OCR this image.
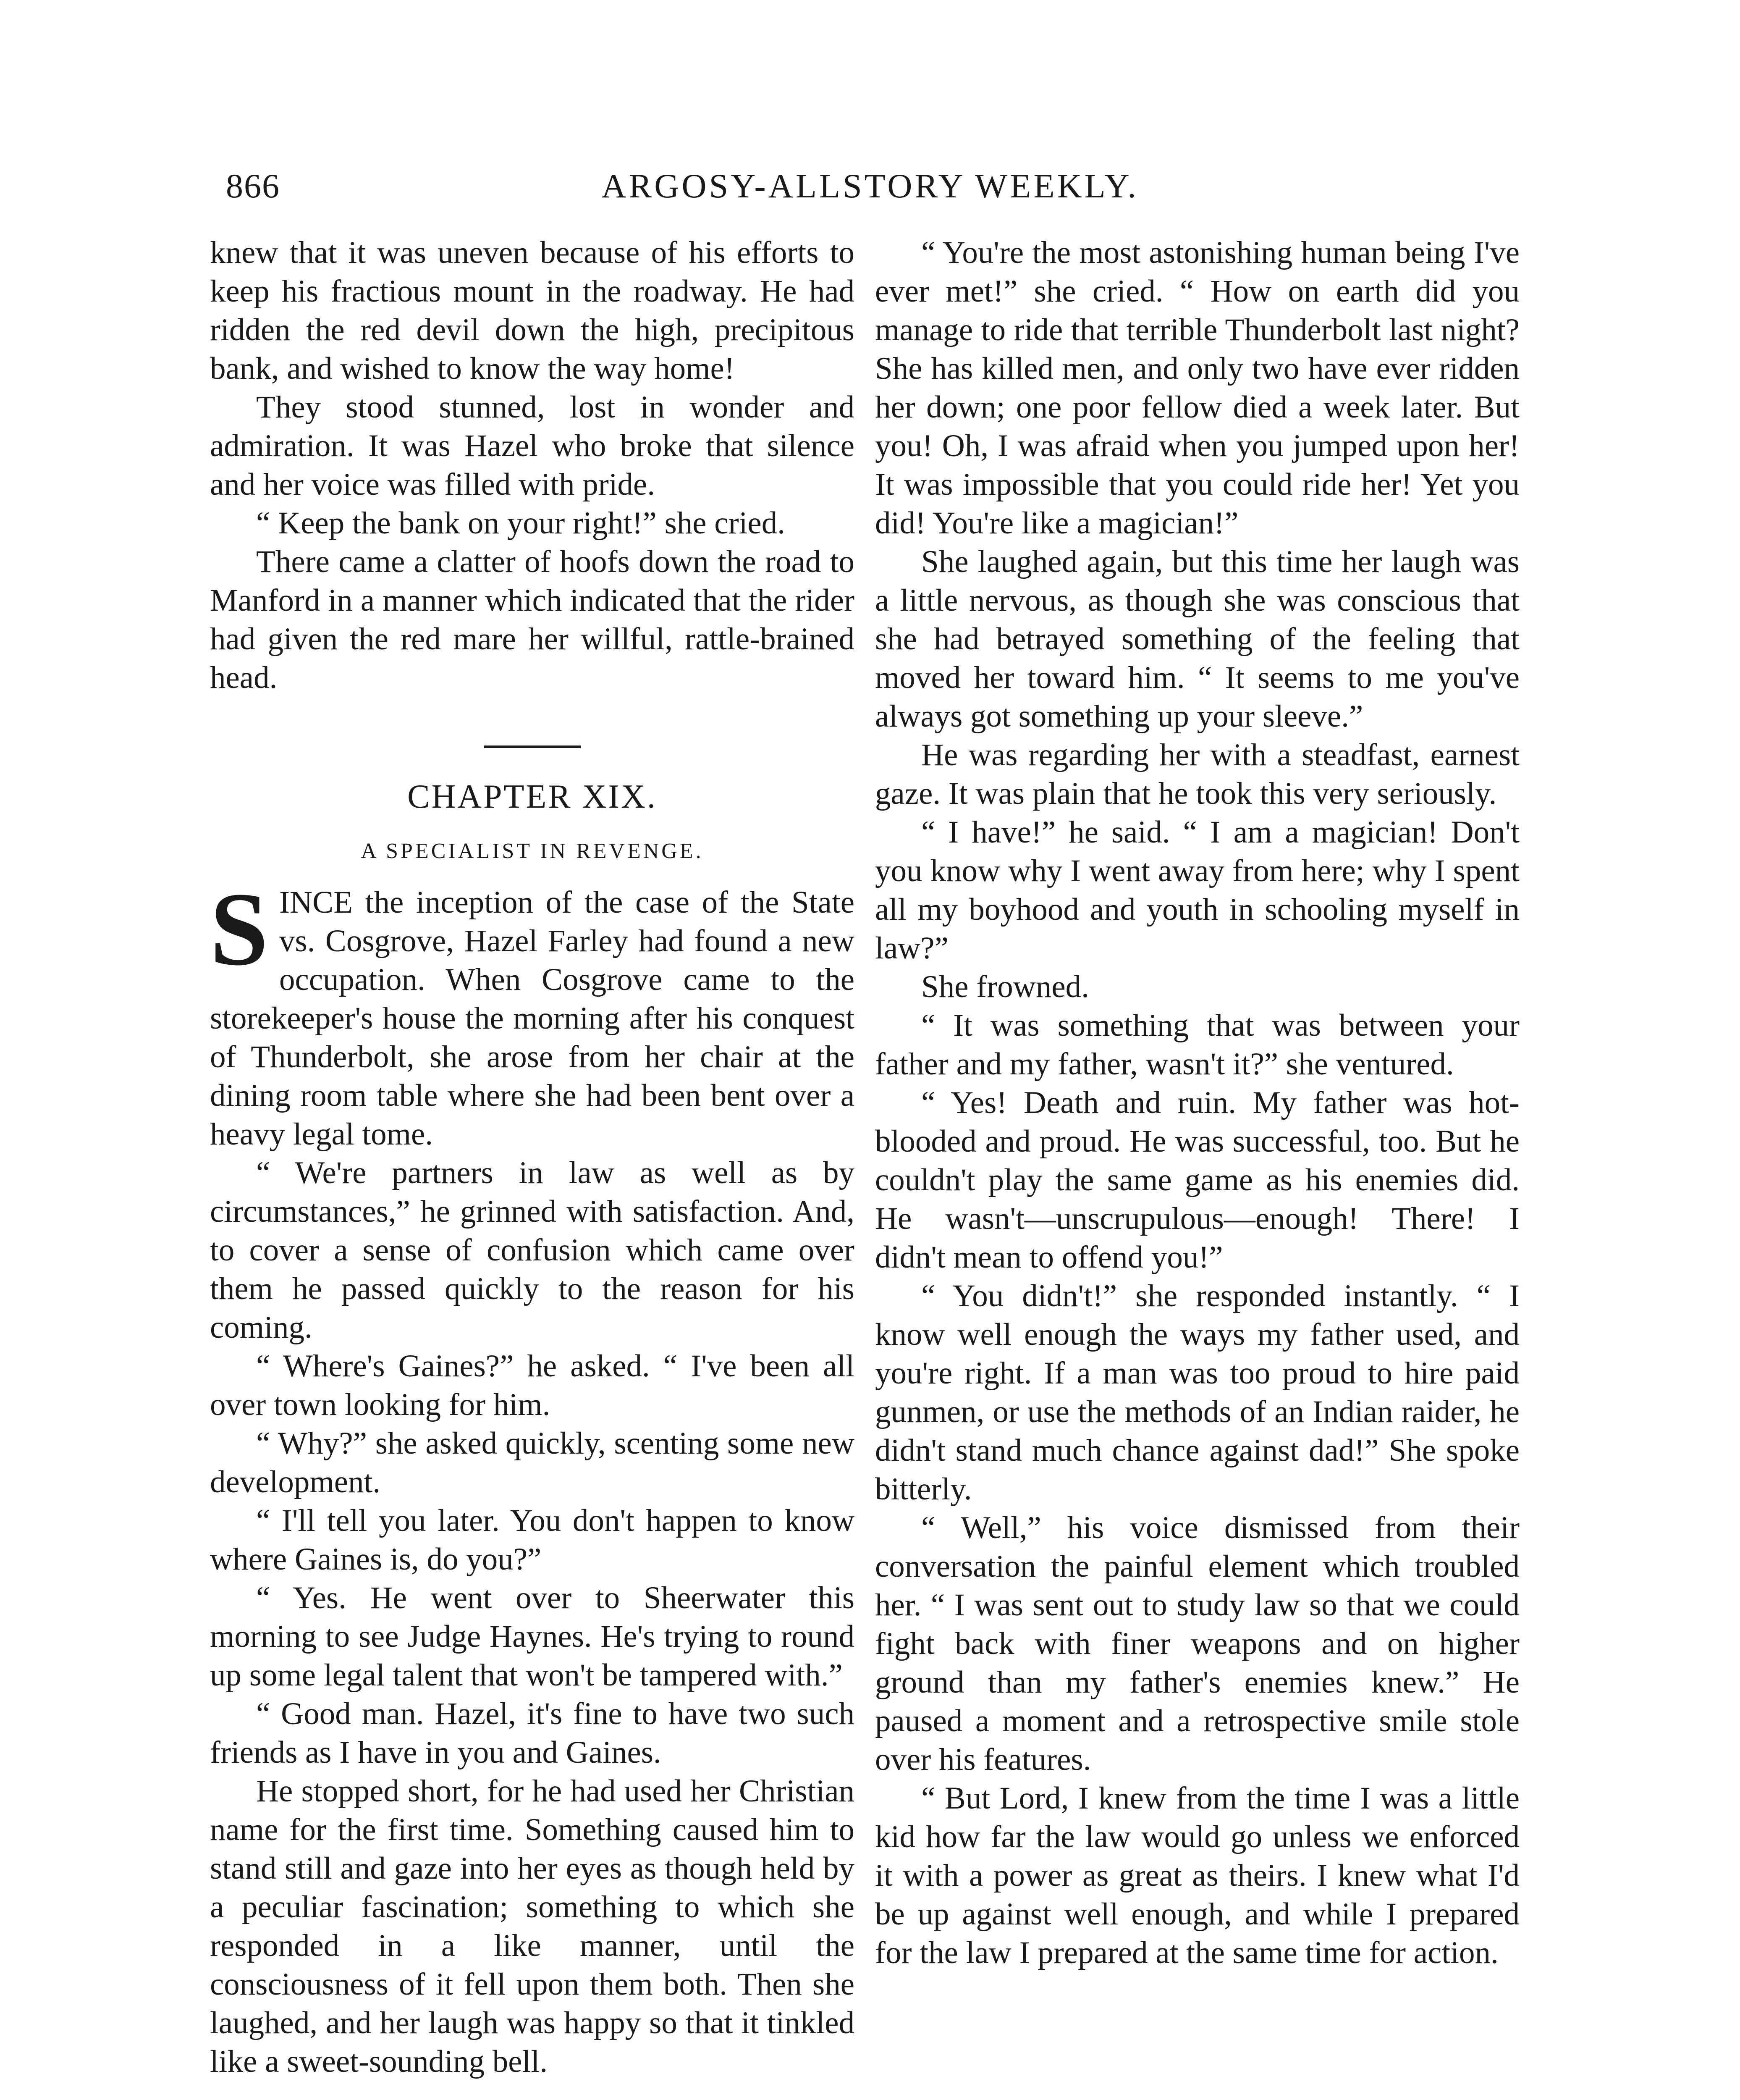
866	ARGOSY-ALLSTORY WEEKLY.

knew that it was uneven because of his efforts to keep his fractious mount in the roadway. He had ridden the red devil down the high, precipitous bank, and wished to know the way home!

They stood stunned, lost in wonder and admiration. It was Hazel who broke that silence and her voice was filled with pride.

“ Keep the bank on your right!” she cried.

There came a clatter of hoofs down the road to Manford in a manner which indicated that the rider had given the red mare her willful, rattle-brained head.

CHAPTER XIX.
A SPECIALIST IN REVENGE.

SINCE the inception of the case of the State vs. Cosgrove, Hazel Farley had found a new occupation. When Cosgrove came to the storekeeper's house the morning after his conquest of Thunderbolt, she arose from her chair at the dining room table where she had been bent over a heavy legal tome.

“ We're partners in law as well as by circumstances,” he grinned with satisfaction. And, to cover a sense of confusion which came over them he passed quickly to the reason for his coming.

“ Where's Gaines?” he asked. “ I've been all over town looking for him.

“ Why?” she asked quickly, scenting some new development.

“ I'll tell you later. You don't happen to know where Gaines is, do you?”

“ Yes. He went over to Sheerwater this morning to see Judge Haynes. He's trying to round up some legal talent that won't be tampered with.”

“ Good man. Hazel, it's fine to have two such friends as I have in you and Gaines.

He stopped short, for he had used her Christian name for the first time. Something caused him to stand still and gaze into her eyes as though held by a peculiar fascination; something to which she responded in a like manner, until the consciousness of it fell upon them both. Then she laughed, and her laugh was happy so that it tinkled like a sweet-sounding bell.

“ You're the most astonishing human being I've ever met!” she cried. “ How on earth did you manage to ride that terrible Thunderbolt last night? She has killed men, and only two have ever ridden her down; one poor fellow died a week later. But you! Oh, I was afraid when you jumped upon her! It was impossible that you could ride her! Yet you did! You're like a magician!”

She laughed again, but this time her laugh was a little nervous, as though she was conscious that she had betrayed something of the feeling that moved her toward him. “ It seems to me you've always got something up your sleeve.”

He was regarding her with a steadfast, earnest gaze. It was plain that he took this very seriously.

“ I have!” he said. “ I am a magician! Don't you know why I went away from here; why I spent all my boyhood and youth in schooling myself in law?”

She frowned.

“ It was something that was between your father and my father, wasn't it?” she ventured.

“ Yes! Death and ruin. My father was hot-blooded and proud. He was successful, too. But he couldn't play the same game as his enemies did. He wasn't—unscrupulous—enough! There! I didn't mean to offend you!”

“ You didn't!” she responded instantly. “ I know well enough the ways my father used, and you're right. If a man was too proud to hire paid gunmen, or use the methods of an Indian raider, he didn't stand much chance against dad!” She spoke bitterly.

“ Well,” his voice dismissed from their conversation the painful element which troubled her. “ I was sent out to study law so that we could fight back with finer weapons and on higher ground than my father's enemies knew.” He paused a moment and a retrospective smile stole over his features.

“ But Lord, I knew from the time I was a little kid how far the law would go unless we enforced it with a power as great as theirs. I knew what I'd be up against well enough, and while I prepared for the law I prepared at the same time for action.
